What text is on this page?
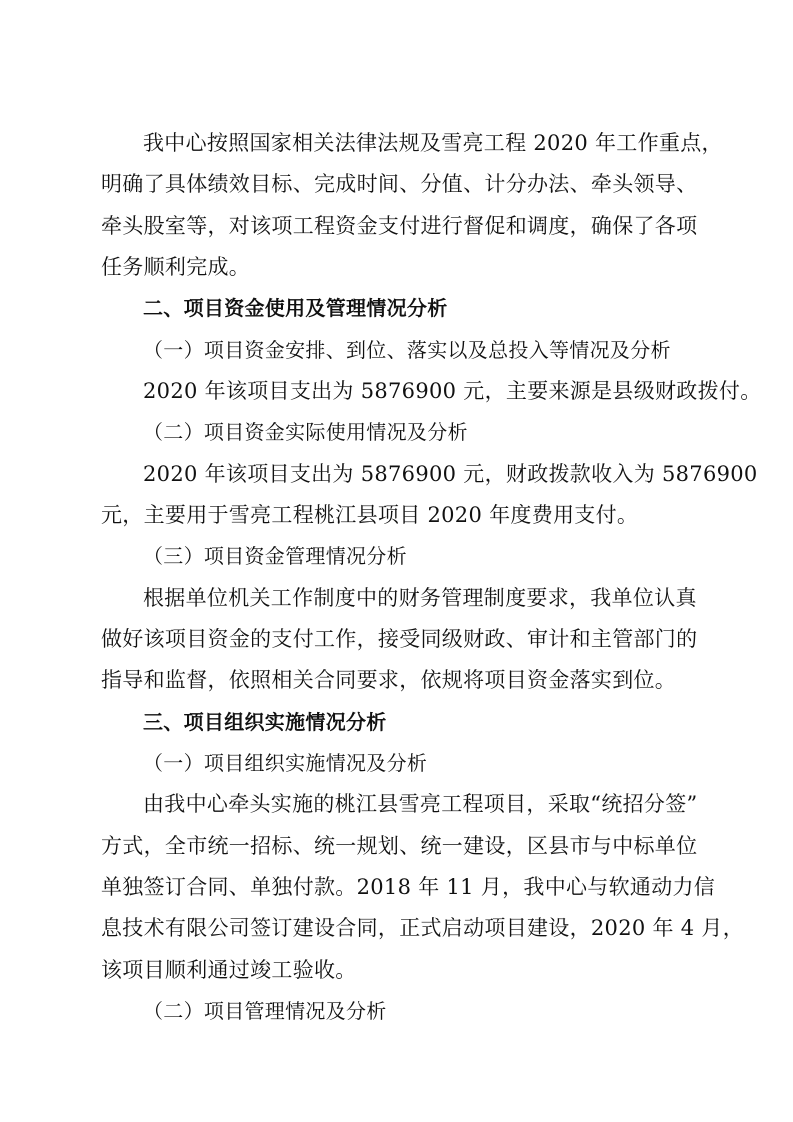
我中心按照国家相关法律法规及雪亮工程 2020 年工作重点，
明确了具体绩效目标、完成时间、分值、计分办法、牵头领导、
牵头股室等，对该项工程资金支付进行督促和调度，确保了各项
任务顺利完成。
二、项目资金使用及管理情况分析
（一）项目资金安排、到位、落实以及总投入等情况及分析
2020 年该项目支出为 5876900 元，主要来源是县级财政拨付。
（二）项目资金实际使用情况及分析
2020 年该项目支出为 5876900 元，财政拨款收入为 5876900
元，主要用于雪亮工程桃江县项目 2020 年度费用支付。
（三）项目资金管理情况分析
根据单位机关工作制度中的财务管理制度要求，我单位认真
做好该项目资金的支付工作，接受同级财政、审计和主管部门的
指导和监督，依照相关合同要求，依规将项目资金落实到位。
三、项目组织实施情况分析
（一）项目组织实施情况及分析
由我中心牵头实施的桃江县雪亮工程项目，采取“统招分签”
方式，全市统一招标、统一规划、统一建设，区县市与中标单位
单独签订合同、单独付款。2018 年 11 月，我中心与软通动力信
息技术有限公司签订建设合同，正式启动项目建设，2020 年 4 月，
该项目顺利通过竣工验收。
（二）项目管理情况及分析
